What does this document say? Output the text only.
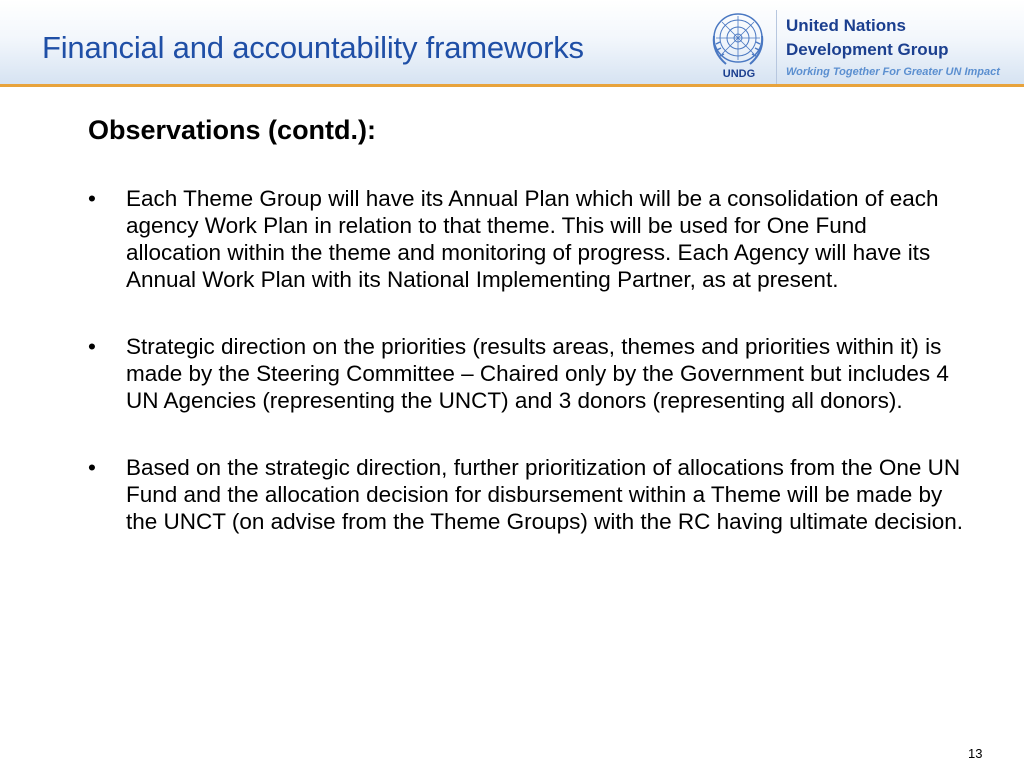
Financial and accountability frameworks
UNDG
United Nations
Development Group
Working Together For Greater UN Impact
Observations (contd.):
•	Each Theme Group will have its Annual Plan which will be a consolidation of each agency Work Plan in relation to that theme. This will be used for One Fund allocation within the theme and monitoring of progress. Each Agency will have its Annual Work Plan with its National Implementing Partner, as at present.
•	Strategic direction on the priorities (results areas, themes and priorities within it) is made by the Steering Committee – Chaired only by the Government but includes 4 UN Agencies (representing the UNCT) and 3 donors (representing all donors).
•	Based on the strategic direction, further prioritization of allocations from the One UN Fund and the allocation decision for disbursement within a Theme will be made by the UNCT (on advise from the Theme Groups) with the RC having ultimate decision.
13
